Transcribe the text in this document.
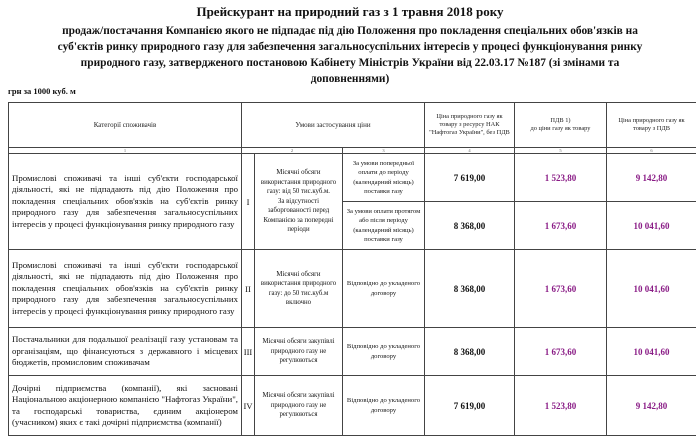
Прейскурант на природний газ з 1 травня 2018 року
продаж/постачання Компанією якого не підпадає під дію Положення про покладення спеціальних обов'язків на
суб'єктів ринку природного газу для забезпечення загальносуспільних інтересів у процесі функціонування ринку
природного газу, затвердженого постановою Кабінету Міністрів України від 22.03.17 №187 (зі змінами та
доповненнями)
грн за 1000 куб. м
Категорії споживачів	Умови застосування ціни			Ціна природного газу як товару з ресурсу НАК "Нафтогаз України", без ПДВ	ПДВ 1)
до ціни газу як товару	Ціна природного газу як товару з ПДВ
1	2		3	4	5	6
Промислові споживачі та інші суб'єкти господарської діяльності, які не підпадають під дію Положення про покладення спеціальних обов'язків на суб'єктів ринку природного газу для забезпечення загальносуспільних інтересів у процесі функціонування ринку природного газу	I	Місячні обсяги використання природного газу: від 50 тис.куб.м.
За відсутності заборгованості перед Компанією за попередні періоди	За умови попередньої оплати до періоду (календарний місяць) поставки газу	7 619,00	1 523,80	9 142,80
			За умови оплати протягом або після періоду (календарний місяць) поставки газу	8 368,00	1 673,60	10 041,60
Промислові споживачі та інші суб'єкти господарської діяльності, які не підпадають під дію Положення про покладення спеціальних обов'язків на суб'єктів ринку природного газу для забезпечення загальносуспільних інтересів у процесі функціонування ринку природного газу	II	Місячні обсяги використання природного газу: до 50 тис.куб.м включно	Відповідно до укладеного договору	8 368,00	1 673,60	10 041,60
Постачальники для подальшої реалізації газу установам та організаціям, що фінансуються з державного і місцевих бюджетів, промисловим споживачам	III	Місячні обсяги закупівлі природного газу не регулюються	Відповідно до укладеного договору	8 368,00	1 673,60	10 041,60
Дочірні підприємства (компанії), які засновані Національною акціонерною компанією "Нафтогаз України", та господарські товариства, єдиним акціонером (учасником) яких є такі дочірні підприємства (компанії)	IV	Місячні обсяги закупівлі природного газу не регулюються	Відповідно до укладеного договору	7 619,00	1 523,80	9 142,80
